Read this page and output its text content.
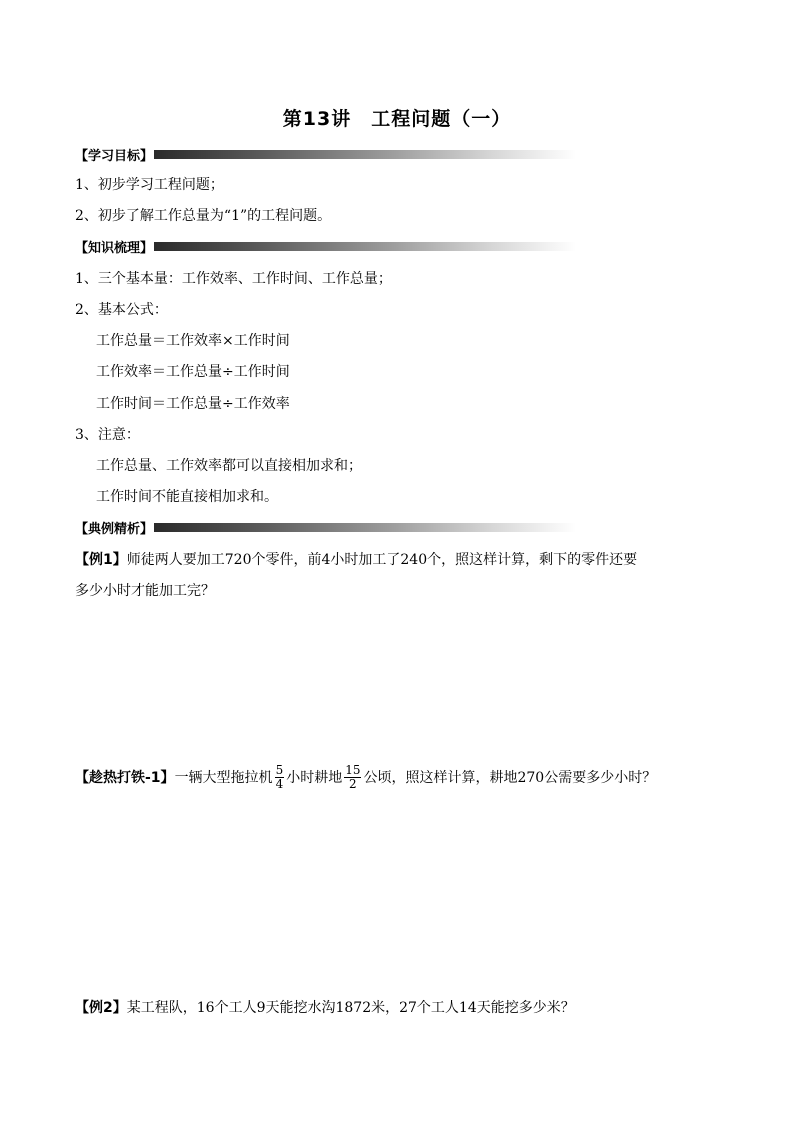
第13讲　工程问题（一）
【学习目标】
1、初步学习工程问题；
2、初步了解工作总量为“1”的工程问题。
【知识梳理】
1、三个基本量：工作效率、工作时间、工作总量；
2、基本公式：
工作总量＝工作效率×工作时间
工作效率＝工作总量÷工作时间
工作时间＝工作总量÷工作效率
3、注意：
工作总量、工作效率都可以直接相加求和；
工作时间不能直接相加求和。
【典例精析】
【例1】师徒两人要加工720个零件，前4小时加工了240个，照这样计算，剩下的零件还要
多少小时才能加工完？
【趁热打铁-1】 一辆大型拖拉机 $\frac{5}{4}$ 小时耕地 $\frac{15}{2}$ 公顷，照这样计算，耕地270公需要多少小时？
【例2】某工程队，16个工人9天能挖水沟1872米，27个工人14天能挖多少米？
